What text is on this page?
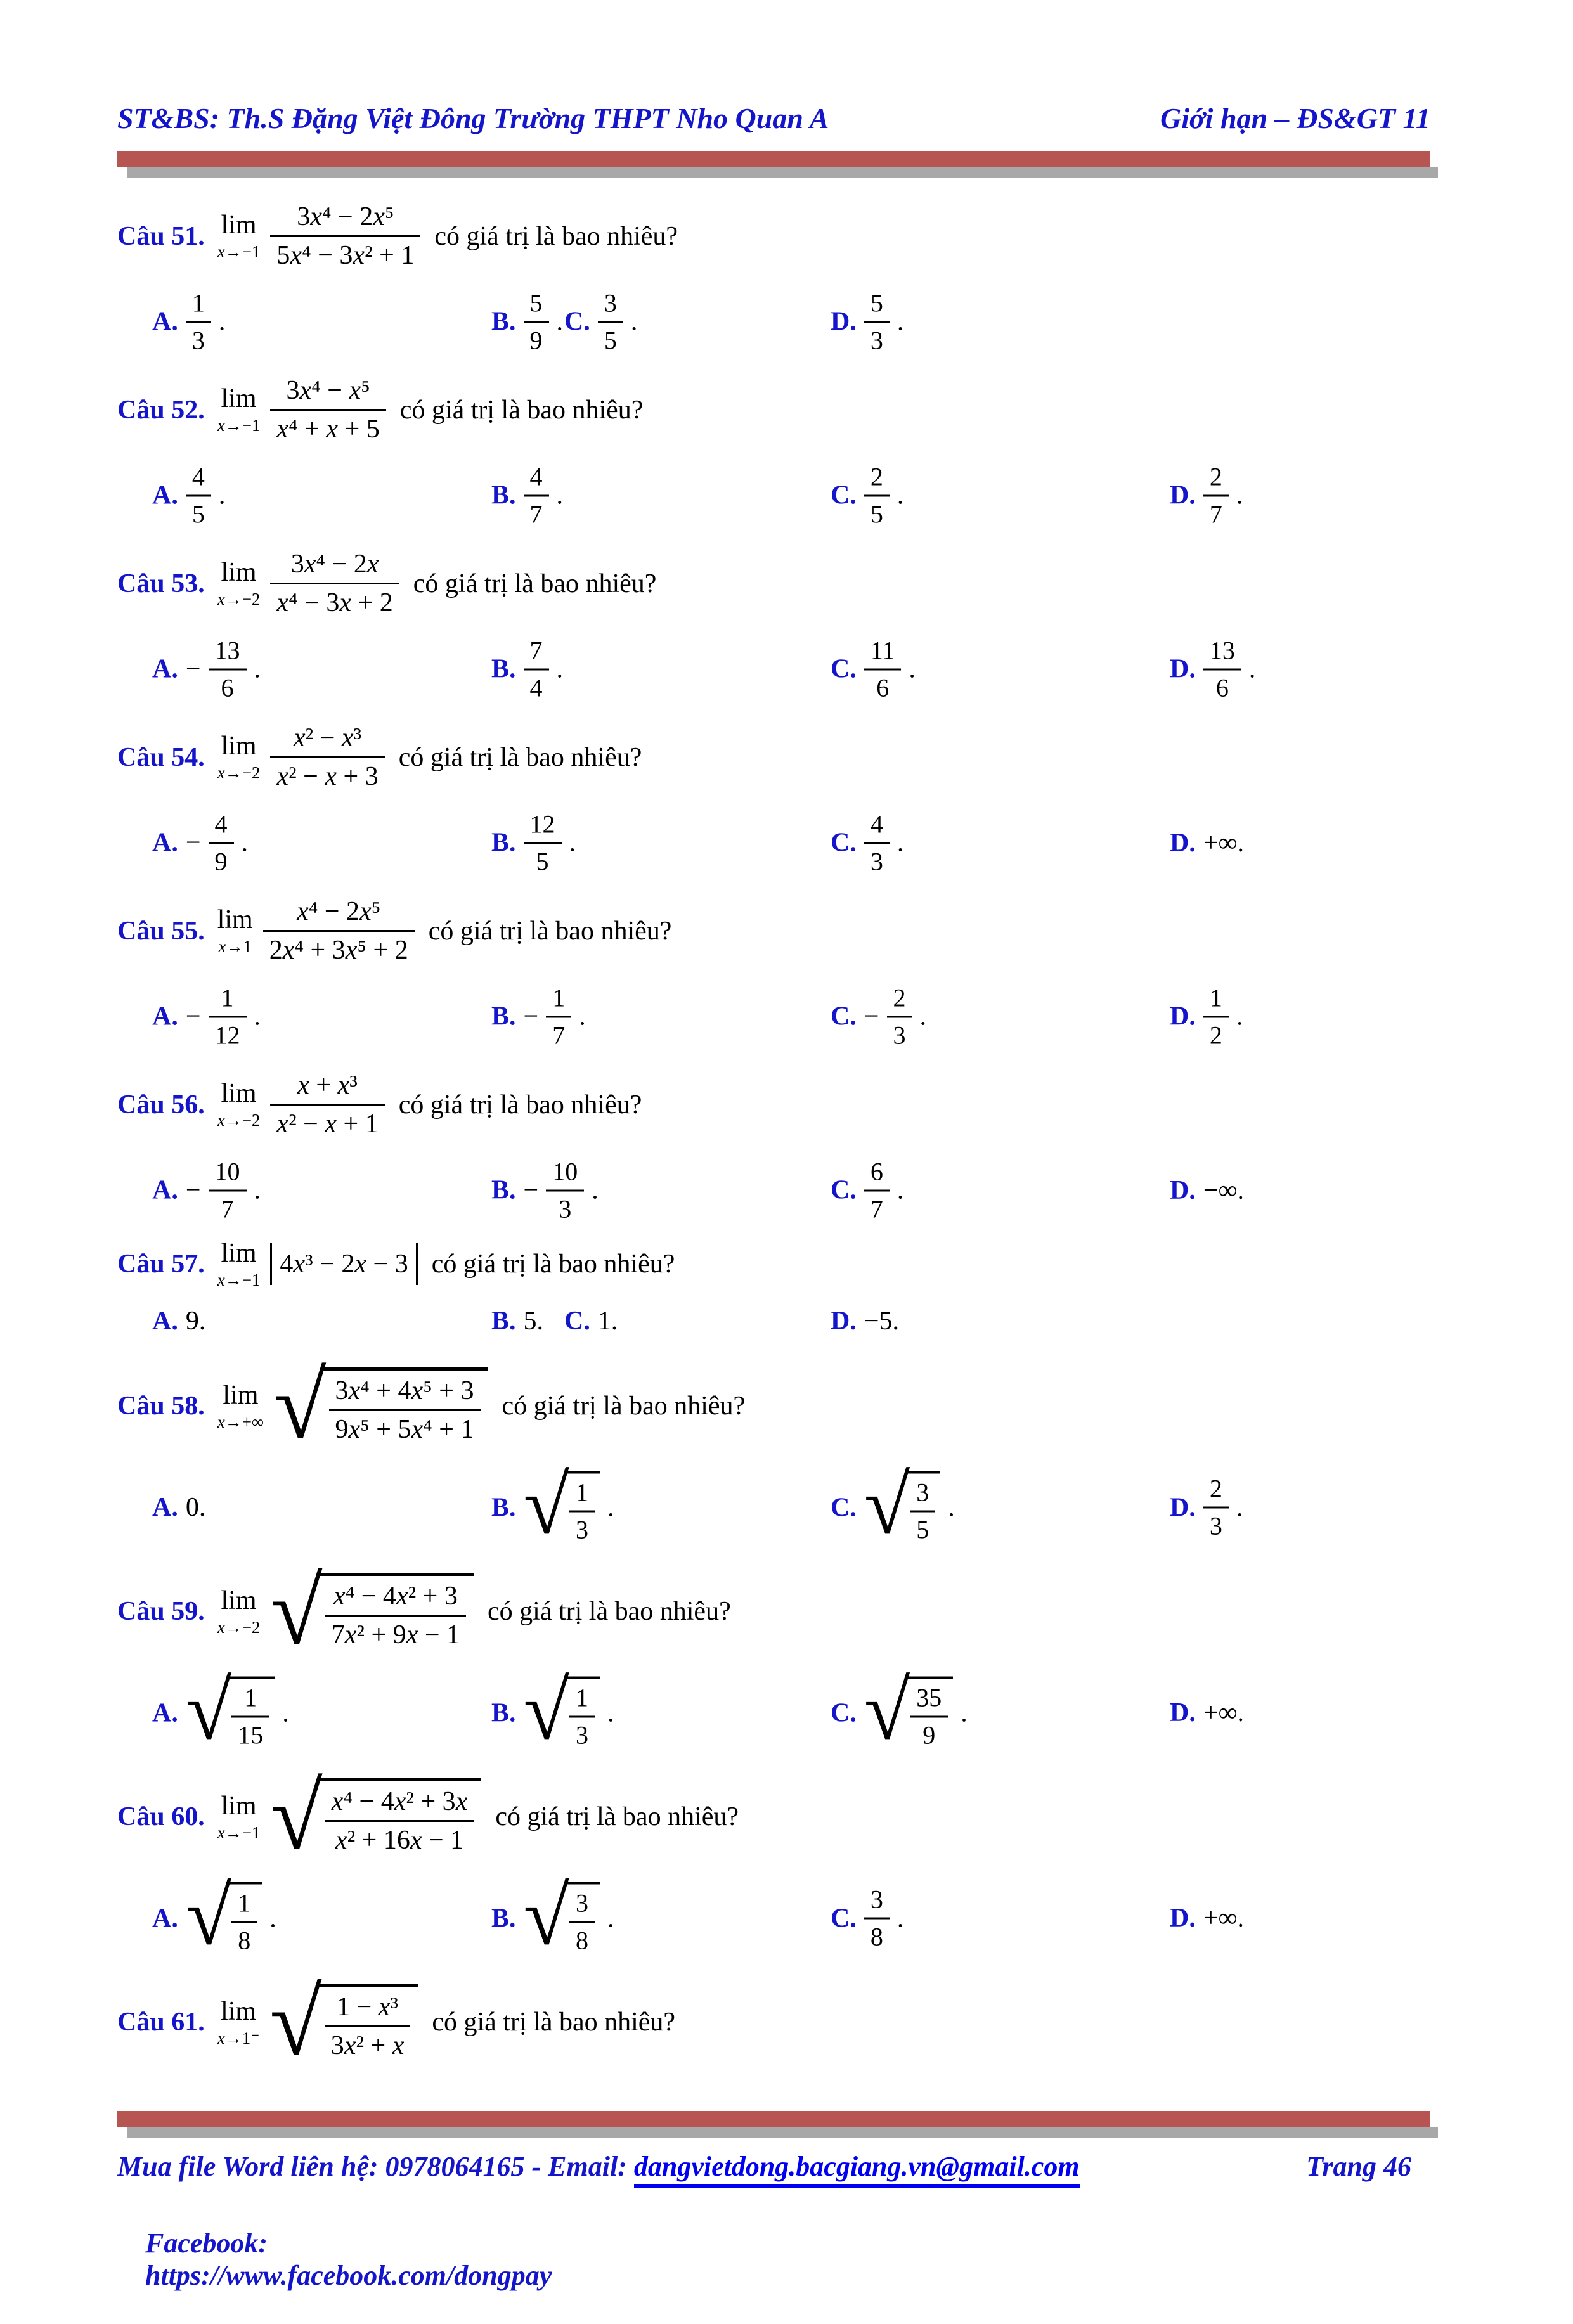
ST&BS: Th.S Đặng Việt Đông Trường THPT Nho Quan A	Giới hạn – ĐS&GT 11
Câu 51. lim
$x\to-1 \frac{\text{3x⁴ − 2x⁵}}{\text{5x⁴ − 3x² + 1}}$ có giá trị là bao nhiêu?
A. $\frac{1}{3}$ .	B. $\frac{5}{9}$ . C. $\frac{3}{5}$ .	D. $\frac{5}{3}$ .
Câu 52. lim
$x\to-1 \frac{\text{3x⁴ − x⁵}}{\text{x⁴ + x + 5}}$ có giá trị là bao nhiêu?
A. $\frac{4}{5}$ .	B. $\frac{4}{7}$ .	C. $\frac{2}{5}$ .	D. $\frac{2}{7}$ .
Câu 53. lim
$x\to-2 \frac{\text{3x⁴ − 2x}}{\text{x⁴ − 3x + 2}}$ có giá trị là bao nhiêu?
A. − $\frac{13}{6}$ .	B. $\frac{7}{4}$ .	C. $\frac{11}{6}$ .	D. $\frac{13}{6}$ .
Câu 54. lim
$x\to-2 \frac{\text{x² − x³}}{\text{x² − x + 3}}$ có giá trị là bao nhiêu?
A. − $\frac{4}{9}$ .	B. $\frac{12}{5}$ .	C. $\frac{4}{3}$ .	D. +∞.
Câu 55. lim
$x\to 1 \frac{\text{x⁴ − 2x⁵}}{\text{2x⁴ + 3x⁵ + 2}}$ có giá trị là bao nhiêu?
A. − $\frac{1}{12}$ .	B. − $\frac{1}{7}$ .	C. − $\frac{2}{3}$ .	D. $\frac{1}{2}$ .
Câu 56. lim
$x\to-2 \frac{\text{x + x³}}{\text{x² − x + 1}}$ có giá trị là bao nhiêu?
A. − $\frac{10}{7}$ .	B. − $\frac{10}{3}$ .	C. $\frac{6}{7}$ .	D. −∞.
Câu 57. lim
x→−1
4x³ − 2x − 3 có giá trị là bao nhiêu?
A. 9.	B. 5. C. 1.	D. −5.
Câu 58. lim
x→+∞ √ $\frac{\text{3x⁴ + 4x⁵ + 3}}{\text{9x⁵ + 5x⁴ + 1}}$ có giá trị là bao nhiêu?
A. 0.	B. √ $\frac{1}{3}$ .	C. √ $\frac{3}{5}$ .	D. $\frac{2}{3}$ .
Câu 59. lim
x→−2 √ $\frac{\text{x⁴ − 4x² + 3}}{\text{7x² + 9x − 1}}$ có giá trị là bao nhiêu?
A. √ $\frac{1}{15}$ .	B. √ $\frac{1}{3}$ .	C. √ $\frac{35}{9}$ .	D. +∞.
Câu 60. lim
x→−1 √ $\frac{\text{x⁴ − 4x² + 3x}}{\text{x² + 16x − 1}}$ có giá trị là bao nhiêu?
A. √ $\frac{1}{8}$ .	B. √ $\frac{3}{8}$ .	C. $\frac{3}{8}$ .	D. +∞.
Câu 61. lim
x→1⁻ √ $\frac{\text{1 − x³}}{\text{3x² + x}}$ có giá trị là bao nhiêu?
Mua file Word liên hệ: 0978064165 - Email: dangvietdong.bacgiang.vn@gmail.com	Trang 46

Facebook:
https://www.facebook.com/dongpay
